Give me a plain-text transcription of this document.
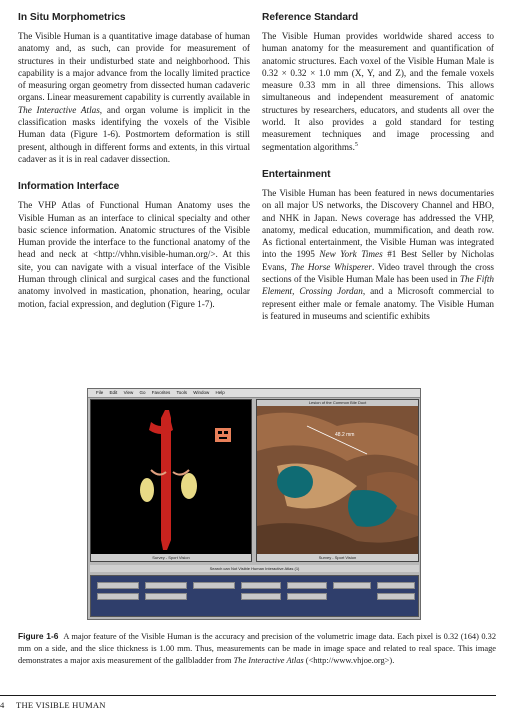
In Situ Morphometrics

The Visible Human is a quantitative image database of human anatomy and, as such, can provide for measurement of structures in their undisturbed state and neighborhood. This capability is a major advance from the locally limited practice of measuring organ geometry from dissected human cadaveric organs. Linear measurement capability is currently available in The Interactive Atlas, and organ volume is implicit in the classification masks identifying the voxels of the Visible Human data (Figure 1-6). Postmortem deformation is still present, although in different forms and extents, in this virtual cadaver as it is in real cadaver dissection.

Information Interface

The VHP Atlas of Functional Human Anatomy uses the Visible Human as an interface to clinical specialty and other basic science information. Anatomic structures of the Visible Human provide the interface to the functional anatomy of the head and neck at <http://vhhn.visible-human.org/>. At this site, you can navigate with a visual interface of the Visible Human through clinical and surgical cases and the functional anatomy involved in mastication, phonation, hearing, ocular motion, facial expression, and deglution (Figure 1-7).

Reference Standard

The Visible Human provides worldwide shared access to human anatomy for the measurement and quantification of anatomic structures. Each voxel of the Visible Human Male is 0.32 × 0.32 × 1.0 mm (X, Y, and Z), and the female voxels measure 0.33 mm in all three dimensions. This allows simultaneous and independent measurement of anatomic structures by researchers, educators, and students all over the world. It also provides a gold standard for testing measurement techniques and image processing and segmentation algorithms.$^5$

Entertainment

The Visible Human has been featured in news documentaries on all major US networks, the Discovery Channel and HBO, and NHK in Japan. News coverage has addressed the VHP, anatomy, medical education, mummification, and death row. As fictional entertainment, the Visible Human was integrated into the 1995 New York Times #1 Best Seller by Nicholas Evans, The Horse Whisperer. Video travel through the cross sections of the Visible Human Male has been used in The Fifth Element, Crossing Jordan, and a Microsoft commercial to represent either male or female anatomy. The Visible Human is featured in museums and scientific exhibits

File Edit View Go Favorites Tools Window Help
Survey - Sport Vision
Lesion of the Common Bile Duct
48.2 mm
Survey - Sport Vision
Search can Not Visible Human Interactive Atlas (1)
Figure 1-6 A major feature of the Visible Human is the accuracy and precision of the volumetric image data. Each pixel is 0.32 (164) 0.32 mm on a side, and the slice thickness is 1.00 mm. Thus, measurements can be made in image space and related to real space. This image demonstrates a major axis measurement of the gallbladder from The Interactive Atlas (<http://www.vhjoe.org>).
4 THE VISIBLE HUMAN
